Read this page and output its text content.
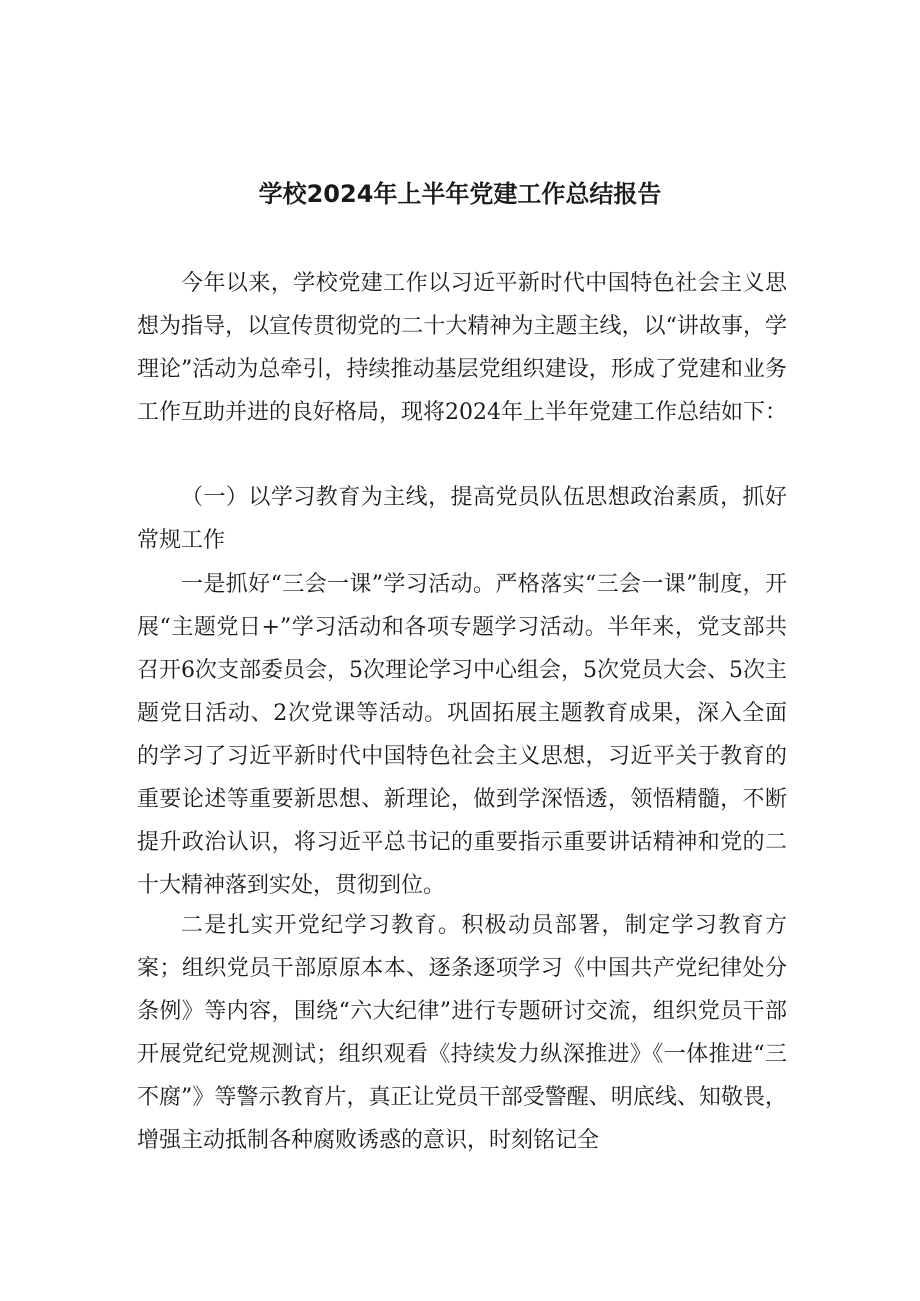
学校2024年上半年党建工作总结报告

今年以来，学校党建工作以习近平新时代中国特色社会主义思想为指导，以宣传贯彻党的二十大精神为主题主线，以“讲故事，学理论”活动为总牵引，持续推动基层党组织建设，形成了党建和业务工作互助并进的良好格局，现将2024年上半年党建工作总结如下：

（一）以学习教育为主线，提高党员队伍思想政治素质，抓好常规工作

一是抓好“三会一课”学习活动。严格落实“三会一课”制度，开展“主题党日+”学习活动和各项专题学习活动。半年来，党支部共召开6次支部委员会，5次理论学习中心组会，5次党员大会、5次主题党日活动、2次党课等活动。巩固拓展主题教育成果，深入全面的学习了习近平新时代中国特色社会主义思想，习近平关于教育的重要论述等重要新思想、新理论，做到学深悟透，领悟精髓，不断提升政治认识，将习近平总书记的重要指示重要讲话精神和党的二十大精神落到实处，贯彻到位。

二是扎实开党纪学习教育。积极动员部署，制定学习教育方案；组织党员干部原原本本、逐条逐项学习《中国共产党纪律处分条例》等内容，围绕“六大纪律”进行专题研讨交流，组织党员干部开展党纪党规测试；组织观看《持续发力纵深推进》《一体推进“三不腐”》等警示教育片，真正让党员干部受警醒、明底线、知敬畏，增强主动抵制各种腐败诱惑的意识，时刻铭记全
